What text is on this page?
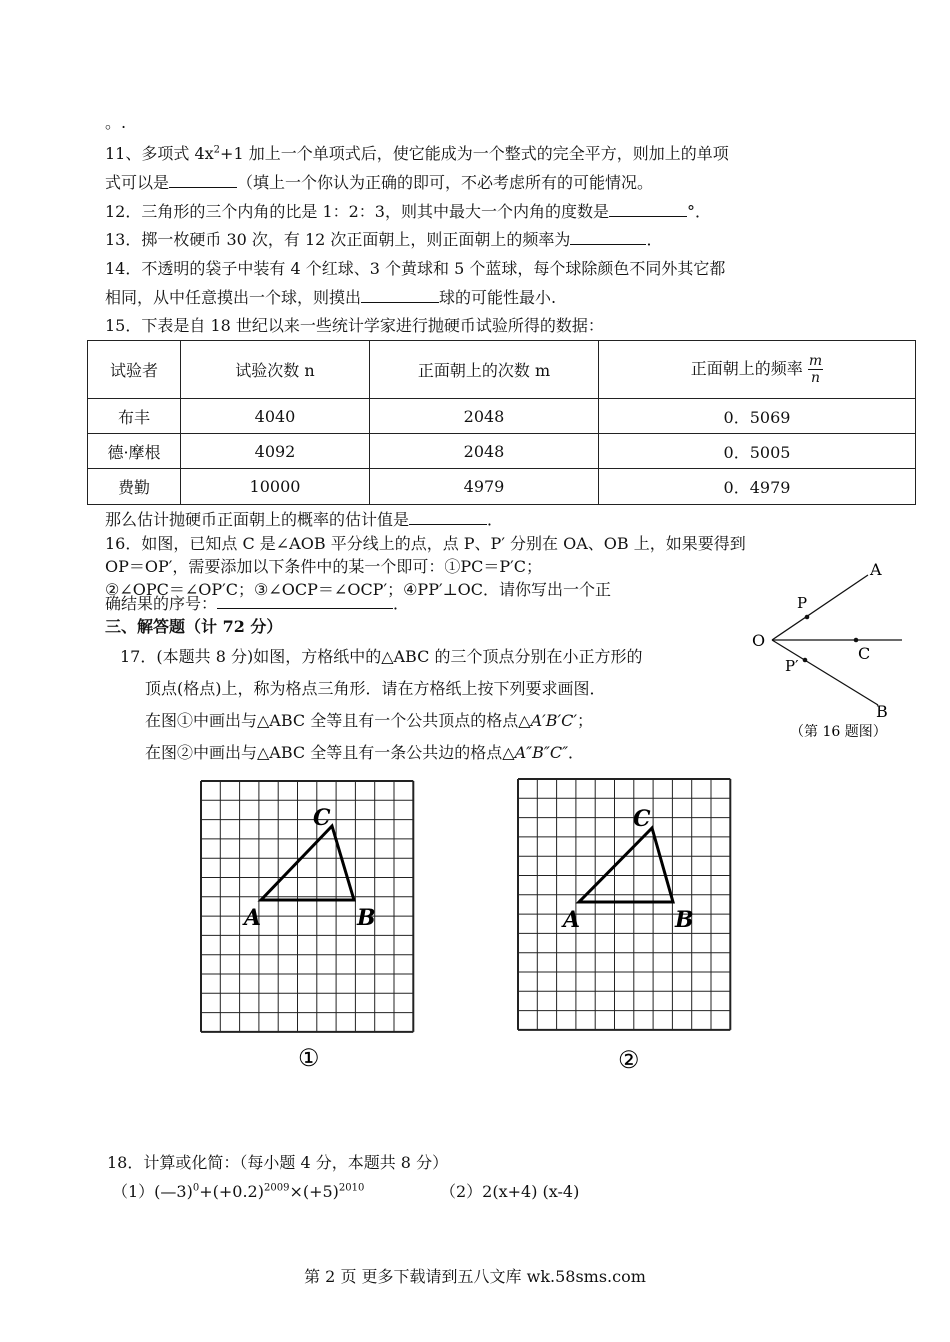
。.
11、多项式 $4x^2+1$ 加上一个单项式后，使它能成为一个整式的完全平方，则加上的单项
式可以是	（填上一个你认为正确的即可，不必考虑所有的可能情况。
12．三角形的三个内角的比是 1：2：3，则其中最大一个内角的度数是	°．
13．掷一枚硬币 30 次，有 12 次正面朝上，则正面朝上的频率为	．
14．不透明的袋子中装有 4 个红球、3 个黄球和 5 个蓝球，每个球除颜色不同外其它都
相同，从中任意摸出一个球，则摸出	球的可能性最小.
15．下表是自 18 世纪以来一些统计学家进行抛硬币试验所得的数据：
试验者	试验次数 n	正面朝上的次数 m	正面朝上的频率 $\frac{m}{n}$

布丰	4040	2048	0．5069
德·摩根	4092	2048	0．5005
费勤	10000	4979	0．4979
那么估计抛硬币正面朝上的概率的估计值是	．
16．如图，已知点 C 是∠AOB 平分线上的点，点 P、P′ 分别在 OA、OB 上，如果要得到
OP＝OP′，需要添加以下条件中的某一个即可：①PC＝P′C；
②∠OPC＝∠OP′C；③∠OCP＝∠OCP′；④PP′⊥OC．请你写出一个正
确结果的序号：	．
A
B
C
O
P
P′
（第 16 题图）
三、解答题（计 72 分）
17．(本题共 8 分)如图，方格纸中的△ABC 的三个顶点分别在小正方形的
顶点(格点)上，称为格点三角形．请在方格纸上按下列要求画图．
在图①中画出与△ABC 全等且有一个公共顶点的格点△A′B′C′；
在图②中画出与△ABC 全等且有一条公共边的格点△A″B″C″．
C
A	B
①
C
A	B
②
18．计算或化简：（每小题 4 分，本题共 8 分）
$(1)(—3)^0+(+0.2)^{2009}\times(+5)^{2010}$	（2）2(x+4) (x-4)
第 2 页 更多下载请到五八文库 wk.58sms.com
